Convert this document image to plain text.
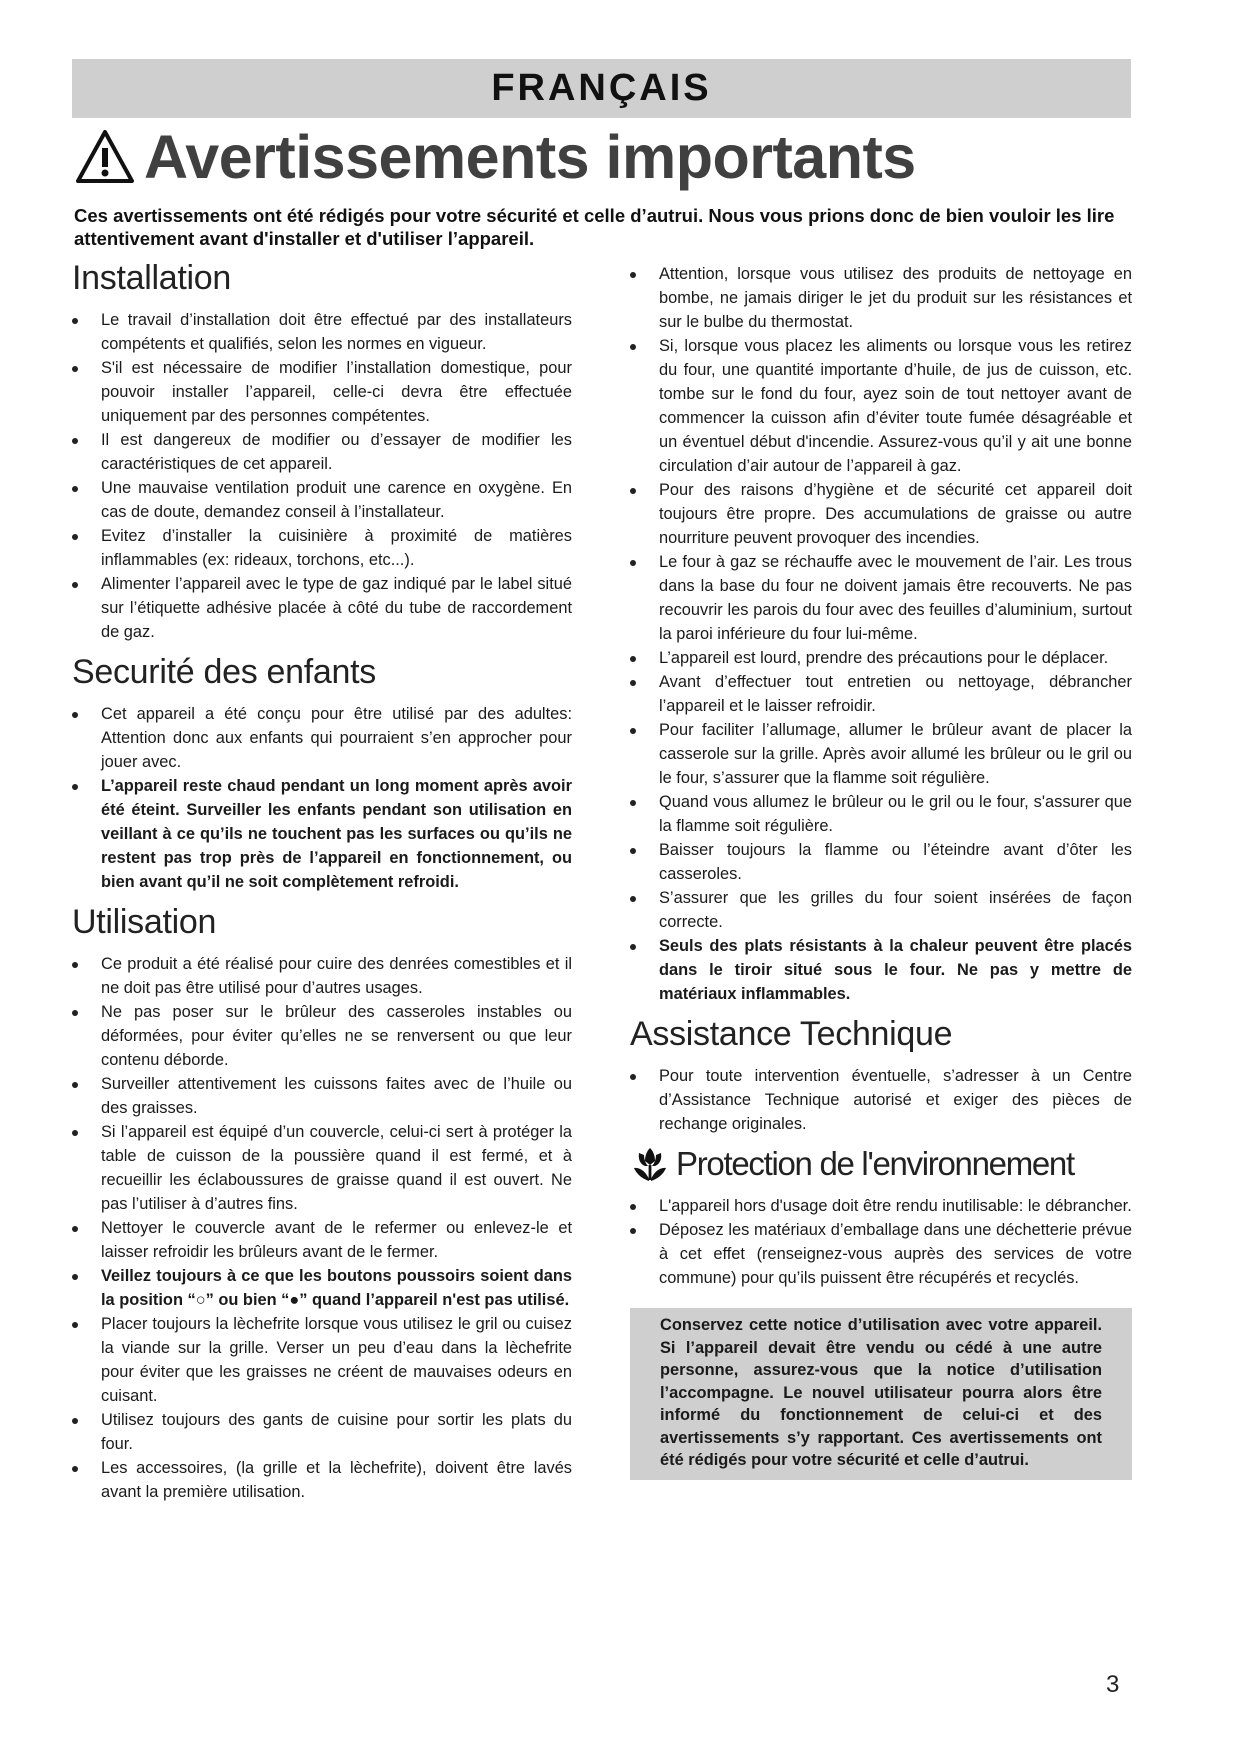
FRANÇAIS
Avertissements importants
Ces avertissements ont été rédigés pour votre sécurité et celle d’autrui. Nous vous prions donc de bien vouloir les lire attentivement avant d'installer et d'utiliser l’appareil.
Installation
Le travail d’installation doit être effectué par des installateurs compétents et qualifiés, selon les normes en vigueur.
S'il est nécessaire de modifier l’installation domestique, pour pouvoir installer l’appareil, celle-ci devra être effectuée uniquement par des personnes compétentes.
Il est dangereux de modifier ou d’essayer de modifier les caractéristiques de cet appareil.
Une mauvaise ventilation produit une carence en oxygène. En cas de doute, demandez conseil à l’installateur.
Evitez d’installer la cuisinière à proximité de matières inflammables (ex: rideaux, torchons, etc...).
Alimenter l’appareil avec le type de gaz indiqué par le label situé sur l’étiquette adhésive placée à côté du tube de raccordement de gaz.
Securité des enfants
Cet appareil a été conçu pour être utilisé par des adultes: Attention donc aux enfants qui pourraient s’en approcher pour jouer avec.
L’appareil reste chaud pendant un long moment après avoir été éteint. Surveiller les enfants pendant son utilisation en veillant à ce qu’ils ne touchent pas les surfaces ou qu’ils ne restent pas trop près de l’appareil en fonctionnement, ou bien avant qu’il ne soit complètement refroidi.
Utilisation
Ce produit a été réalisé pour cuire des denrées comestibles et il ne doit pas être utilisé pour d’autres usages.
Ne pas poser sur le brûleur des casseroles instables ou déformées, pour éviter qu’elles ne se renversent ou que leur contenu déborde.
Surveiller attentivement les cuissons faites avec de l’huile ou des graisses.
Si l’appareil est équipé d’un couvercle, celui-ci sert à protéger la table de cuisson de la poussière quand il est fermé, et à recueillir les éclaboussures de graisse quand il est ouvert. Ne pas l’utiliser à d’autres fins.
Nettoyer le couvercle avant de le refermer ou enlevez-le et laisser refroidir les brûleurs avant de le fermer.
Veillez toujours à ce que les boutons poussoirs soient dans la position “○” ou bien “●” quand l’appareil n'est pas utilisé.
Placer toujours la lèchefrite lorsque vous utilisez le gril ou cuisez la viande sur la grille. Verser un peu d’eau dans la lèchefrite pour éviter que les graisses ne créent de mauvaises odeurs en cuisant.
Utilisez toujours des gants de cuisine pour sortir les plats du four.
Les accessoires, (la grille et la lèchefrite), doivent être lavés avant la première utilisation.
Attention, lorsque vous utilisez des produits de nettoyage en bombe, ne jamais diriger le jet du produit sur les résistances et sur le bulbe du thermostat.
Si, lorsque vous placez les aliments ou lorsque vous les retirez du four, une quantité importante d’huile, de jus de cuisson, etc. tombe sur le fond du four, ayez soin de tout nettoyer avant de commencer la cuisson afin d’éviter toute fumée désagréable et un éventuel début d'incendie. Assurez-vous qu’il y ait une bonne circulation d’air autour de l’appareil à gaz.
Pour des raisons d’hygiène et de sécurité cet appareil doit toujours être propre. Des accumulations de graisse ou autre nourriture peuvent provoquer des incendies.
Le four à gaz se réchauffe avec le mouvement de l’air. Les trous dans la base du four ne doivent jamais être recouverts. Ne pas recouvrir les parois du four avec des feuilles d’aluminium, surtout la paroi inférieure du four lui-même.
L’appareil est lourd, prendre des précautions pour le déplacer.
Avant d’effectuer tout entretien ou nettoyage, débrancher l’appareil et le laisser refroidir.
Pour faciliter l’allumage, allumer le brûleur avant de placer la casserole sur la grille. Après avoir allumé les brûleur ou le gril ou le four, s’assurer que la flamme soit régulière.
Quand vous allumez le brûleur ou le gril ou le four, s'assurer que la flamme soit régulière.
Baisser toujours la flamme ou l’éteindre avant d’ôter les casseroles.
S’assurer que les grilles du four soient insérées de façon correcte.
Seuls des plats résistants à la chaleur peuvent être placés dans le tiroir situé sous le four. Ne pas y mettre de matériaux inflammables.
Assistance Technique
Pour toute intervention éventuelle, s’adresser à un Centre d’Assistance Technique autorisé et exiger des pièces de rechange originales.
Protection de l'environnement
L'appareil hors d'usage doit être rendu inutilisable: le débrancher.
Déposez les matériaux d’emballage dans une déchetterie prévue à cet effet (renseignez-vous auprès des services de votre commune) pour qu’ils puissent être récupérés et recyclés.
Conservez cette notice d’utilisation avec votre appareil. Si l’appareil devait être vendu ou cédé à une autre personne, assurez-vous que la notice d’utilisation l’accompagne. Le nouvel utilisateur pourra alors être informé du fonctionnement de celui-ci et des avertissements s’y rapportant. Ces avertissements ont été rédigés pour votre sécurité et celle d’autrui.
3
